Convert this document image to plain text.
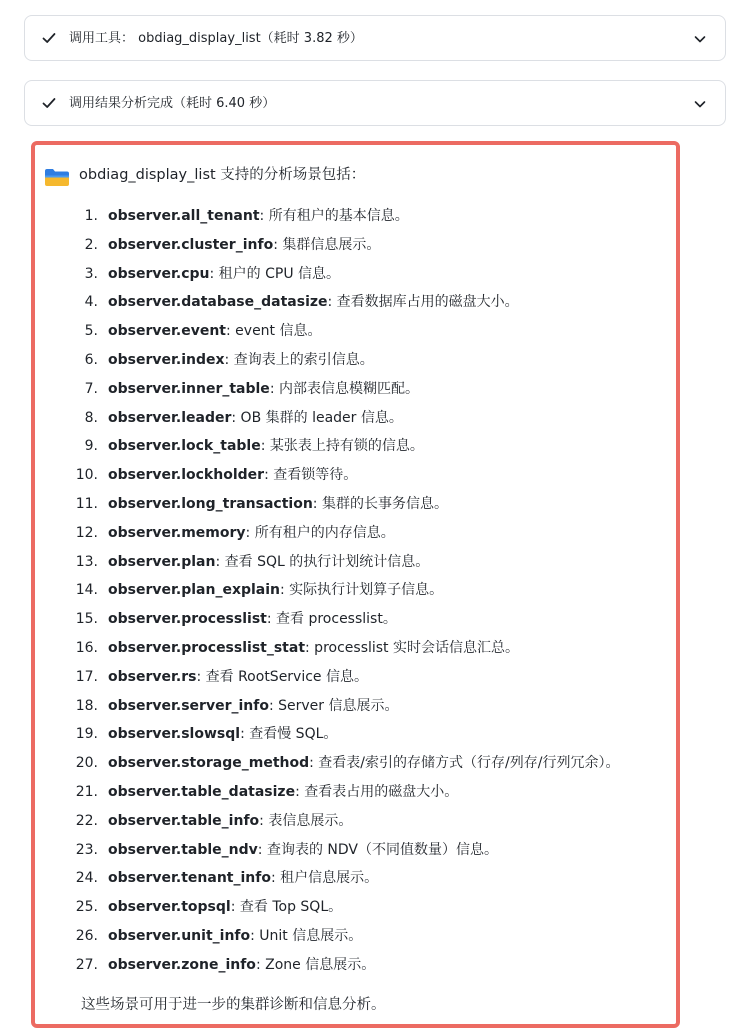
调用工具： obdiag_display_list（耗时 3.82 秒）
调用结果分析完成（耗时 6.40 秒）
obdiag_display_list 支持的分析场景包括：
1. observer.all_tenant: 所有租户的基本信息。
2. observer.cluster_info: 集群信息展示。
3. observer.cpu: 租户的 CPU 信息。
4. observer.database_datasize: 查看数据库占用的磁盘大小。
5. observer.event: event 信息。
6. observer.index: 查询表上的索引信息。
7. observer.inner_table: 内部表信息模糊匹配。
8. observer.leader: OB 集群的 leader 信息。
9. observer.lock_table: 某张表上持有锁的信息。
10. observer.lockholder: 查看锁等待。
11. observer.long_transaction: 集群的长事务信息。
12. observer.memory: 所有租户的内存信息。
13. observer.plan: 查看 SQL 的执行计划统计信息。
14. observer.plan_explain: 实际执行计划算子信息。
15. observer.processlist: 查看 processlist。
16. observer.processlist_stat: processlist 实时会话信息汇总。
17. observer.rs: 查看 RootService 信息。
18. observer.server_info: Server 信息展示。
19. observer.slowsql: 查看慢 SQL。
20. observer.storage_method: 查看表/索引的存储方式（行存/列存/行列冗余）。
21. observer.table_datasize: 查看表占用的磁盘大小。
22. observer.table_info: 表信息展示。
23. observer.table_ndv: 查询表的 NDV（不同值数量）信息。
24. observer.tenant_info: 租户信息展示。
25. observer.topsql: 查看 Top SQL。
26. observer.unit_info: Unit 信息展示。
27. observer.zone_info: Zone 信息展示。
这些场景可用于进一步的集群诊断和信息分析。
